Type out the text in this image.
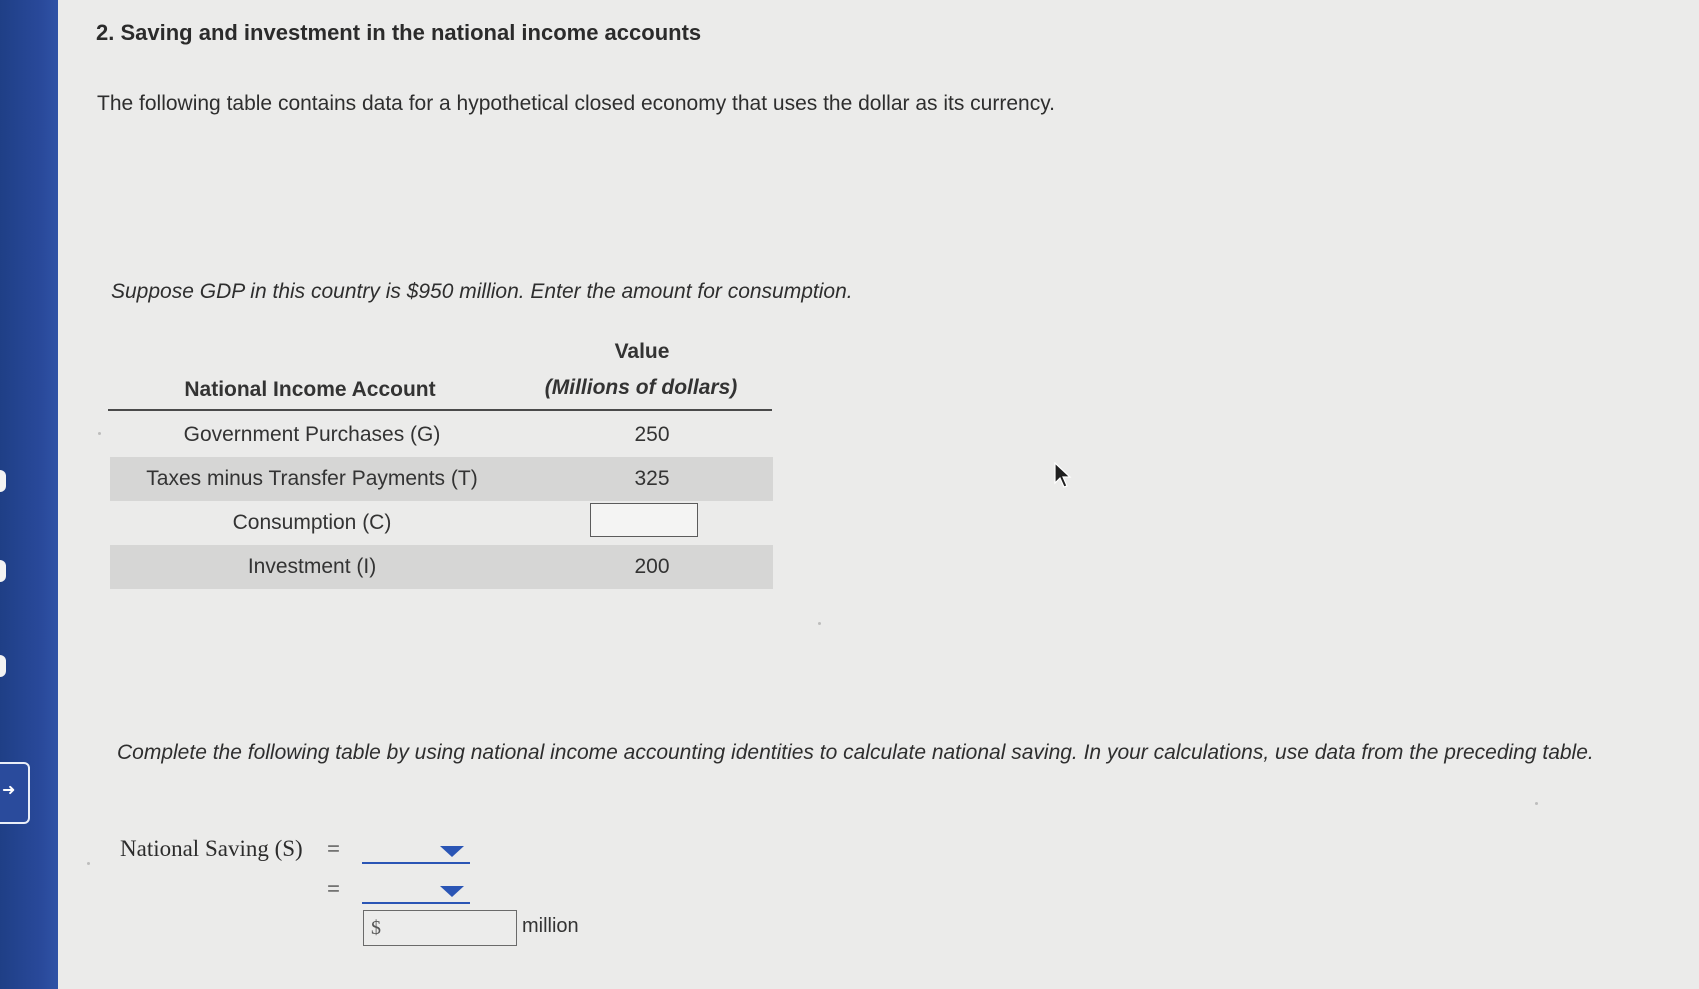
➜
2. Saving and investment in the national income accounts
The following table contains data for a hypothetical closed economy that uses the dollar as its currency.
Suppose GDP in this country is $950 million. Enter the amount for consumption.
Value
National Income Account	(Millions of dollars)
Government Purchases (G)	250
Taxes minus Transfer Payments (T)	325
Consumption (C)
Investment (I)	200
Complete the following table by using national income accounting identities to calculate national saving. In your calculations, use data from the preceding table.
National Saving (S) =
=
$	million
